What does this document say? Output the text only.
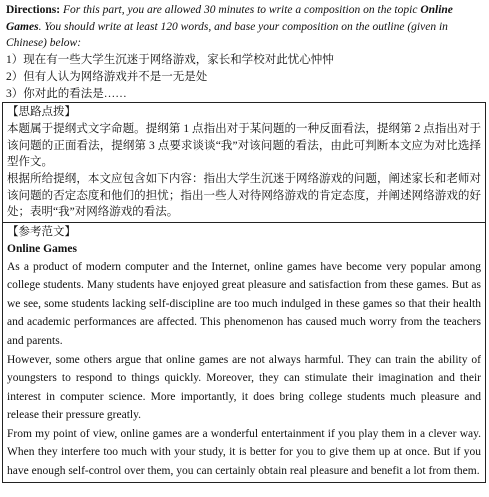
Directions: For this part, you are allowed 30 minutes to write a composition on the topic Online Games. You should write at least 120 words, and base your composition on the outline (given in Chinese) below:

1）现在有一些大学生沉迷于网络游戏，家长和学校对此忧心忡忡
2）但有人认为网络游戏并不是一无是处
3）你对此的看法是……

【思路点拨】

本题属于提纲式文字命题。提纲第 1 点指出对于某问题的一种反面看法，提纲第 2 点指出对于该问题的正面看法，提纲第 3 点要求谈谈“我”对该问题的看法，由此可判断本文应为对比选择型作文。

根据所给提纲，本文应包含如下内容：指出大学生沉迷于网络游戏的问题，阐述家长和老师对该问题的否定态度和他们的担忧；指出一些人对待网络游戏的肯定态度，并阐述网络游戏的好处；表明“我”对网络游戏的看法。

【参考范文】

Online Games

As a product of modern computer and the Internet, online games have become very popular among college students. Many students have enjoyed great pleasure and satisfaction from these games. But as we see, some students lacking self-discipline are too much indulged in these games so that their health and academic performances are affected. This phenomenon has caused much worry from the teachers and parents.

However, some others argue that online games are not always harmful. They can train the ability of youngsters to respond to things quickly. Moreover, they can stimulate their imagination and their interest in computer science. More importantly, it does bring college students much pleasure and release their pressure greatly.

From my point of view, online games are a wonderful entertainment if you play them in a clever way. When they interfere too much with your study, it is better for you to give them up at once. But if you have enough self-control over them, you can certainly obtain real pleasure and benefit a lot from them.
